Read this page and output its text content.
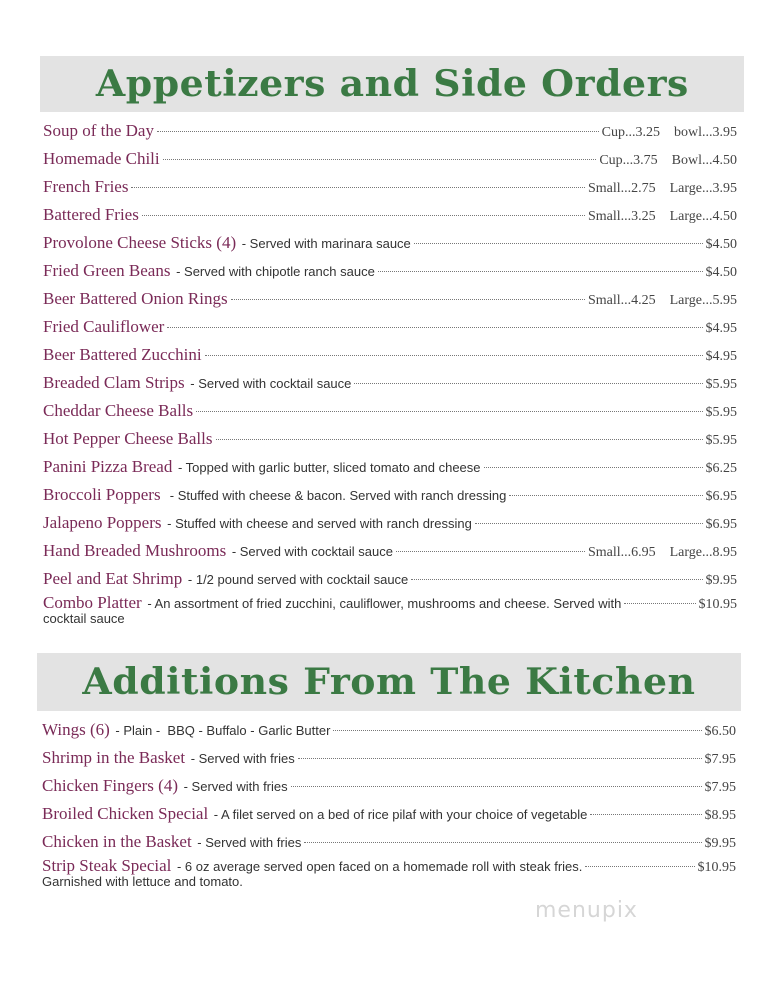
Appetizers and Side Orders
Soup of the Day	Cup...3.25 bowl...3.95
Homemade Chili	Cup...3.75 Bowl...4.50
French Fries	Small...2.75 Large...3.95
Battered Fries	Small...3.25 Large...4.50
Provolone Cheese Sticks (4) - Served with marinara sauce	$4.50
Fried Green Beans - Served with chipotle ranch sauce	$4.50
Beer Battered Onion Rings	Small...4.25 Large...5.95
Fried Cauliflower	$4.95
Beer Battered Zucchini	$4.95
Breaded Clam Strips - Served with cocktail sauce	$5.95
Cheddar Cheese Balls	$5.95
Hot Pepper Cheese Balls	$5.95
Panini Pizza Bread - Topped with garlic butter, sliced tomato and cheese	$6.25
Broccoli Poppers - Stuffed with cheese & bacon. Served with ranch dressing	$6.95
Jalapeno Poppers - Stuffed with cheese and served with ranch dressing	$6.95
Hand Breaded Mushrooms - Served with cocktail sauce	Small...6.95 Large...8.95
Peel and Eat Shrimp - 1/2 pound served with cocktail sauce	$9.95
Combo Platter - An assortment of fried zucchini, cauliflower, mushrooms and cheese. Served with	$10.95
cocktail sauce
Additions From The Kitchen
Wings (6) - Plain -  BBQ - Buffalo - Garlic Butter	$6.50
Shrimp in the Basket - Served with fries	$7.95
Chicken Fingers (4) - Served with fries	$7.95
Broiled Chicken Special - A filet served on a bed of rice pilaf with your choice of vegetable	$8.95
Chicken in the Basket - Served with fries	$9.95
Strip Steak Special - 6 oz average served open faced on a homemade roll with steak fries.	$10.95
Garnished with lettuce and tomato.
menupix
